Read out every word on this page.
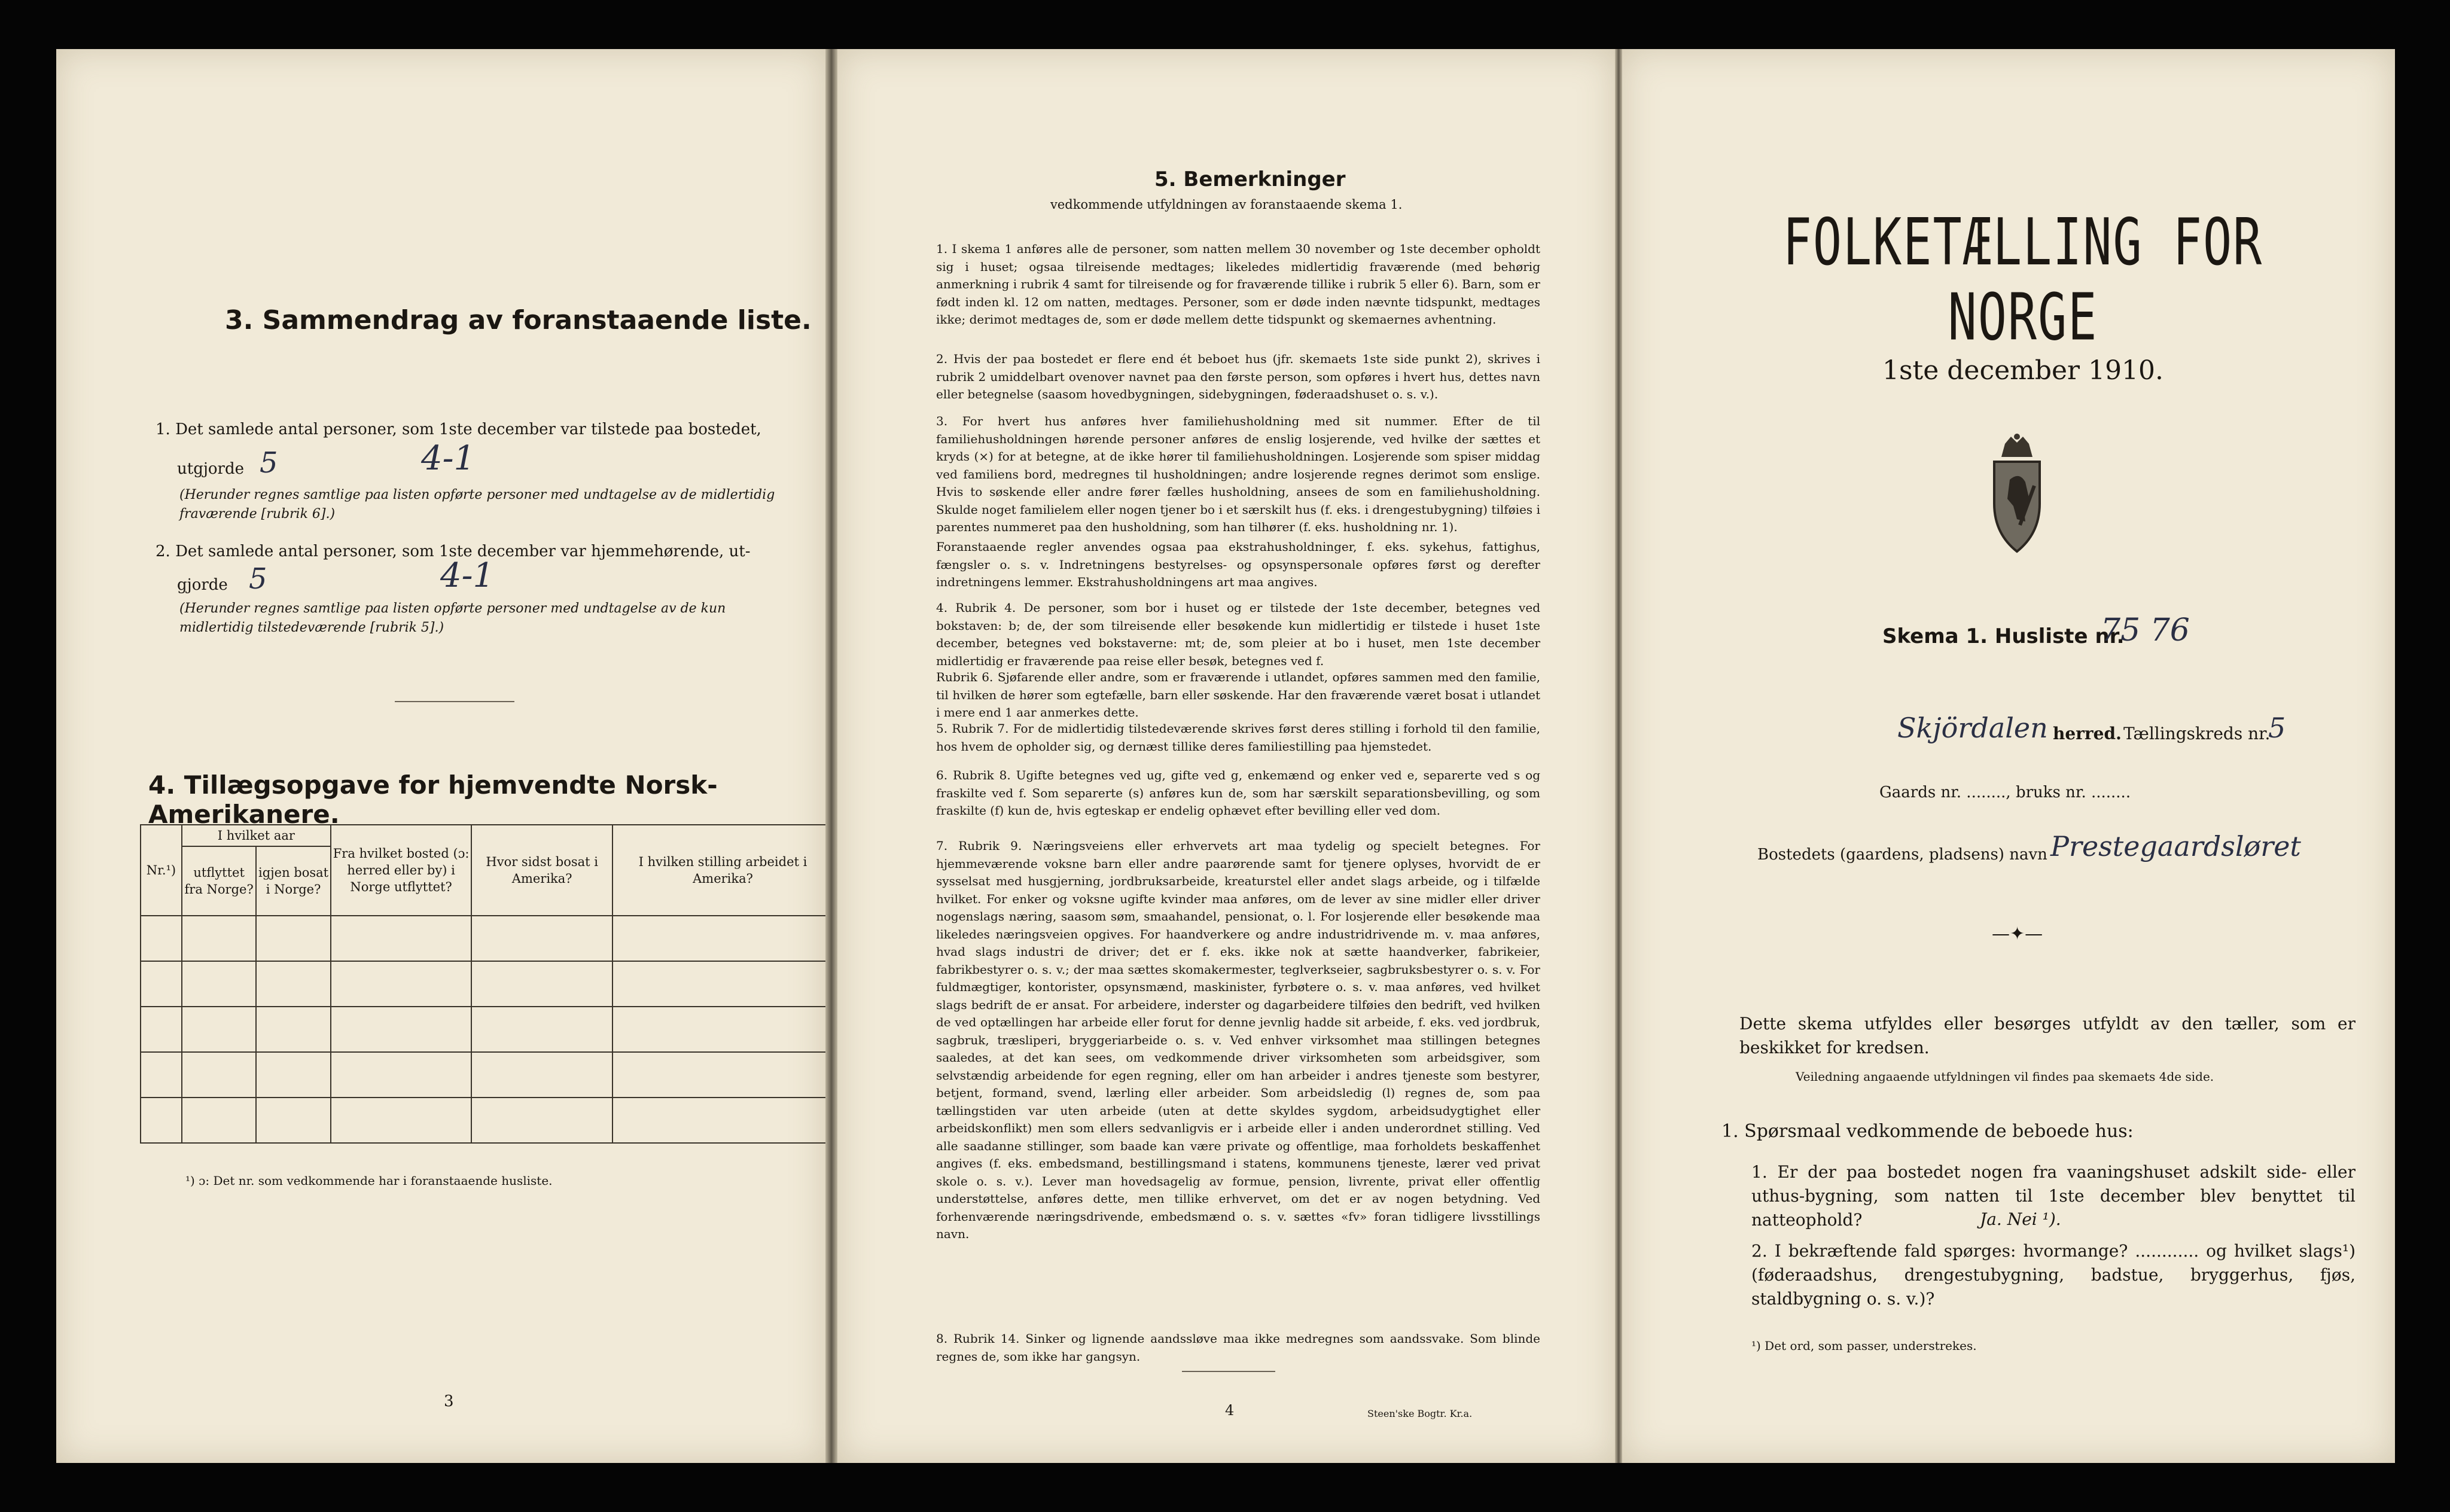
3. Sammendrag av foranstaaende liste.
1. Det samlede antal personer, som 1ste december var tilstede paa bostedet,
utgjorde 5	4-1
(Herunder regnes samtlige paa listen opførte personer med undtagelse av de midlertidig fraværende [rubrik 6].)
2. Det samlede antal personer, som 1ste december var hjemmehørende, ut-
gjorde 5	4-1
(Herunder regnes samtlige paa listen opførte personer med undtagelse av de kun midlertidig tilstedeværende [rubrik 5].)
4. Tillægsopgave for hjemvendte Norsk-Amerikanere.
Nr.¹)	I hvilket aar		Fra hvilket bosted (ɔ: herred eller by) i Norge utflyttet?	Hvor sidst bosat i Amerika?	I hvilken stilling arbeidet i Amerika?
	utflyttet fra Norge?	igjen bosat i Norge?			

¹) ɔ: Det nr. som vedkommende har i foranstaaende husliste.
3
5. Bemerkninger
vedkommende utfyldningen av foranstaaende skema 1.
1. I skema 1 anføres alle de personer, som natten mellem 30 november og 1ste december opholdt sig i huset; ogsaa tilreisende medtages; likeledes midlertidig fraværende (med behørig anmerkning i rubrik 4 samt for tilreisende og for fraværende tillike i rubrik 5 eller 6). Barn, som er født inden kl. 12 om natten, medtages. Personer, som er døde inden nævnte tidspunkt, medtages ikke; derimot medtages de, som er døde mellem dette tidspunkt og skemaernes avhentning.
2. Hvis der paa bostedet er flere end ét beboet hus (jfr. skemaets 1ste side punkt 2), skrives i rubrik 2 umiddelbart ovenover navnet paa den første person, som opføres i hvert hus, dettes navn eller betegnelse (saasom hovedbygningen, sidebygningen, føderaadshuset o. s. v.).
3. For hvert hus anføres hver familiehusholdning med sit nummer. Efter de til familiehusholdningen hørende personer anføres de enslig losjerende, ved hvilke der sættes et kryds (×) for at betegne, at de ikke hører til familiehusholdningen. Losjerende som spiser middag ved familiens bord, medregnes til husholdningen; andre losjerende regnes derimot som enslige. Hvis to søskende eller andre fører fælles husholdning, ansees de som en familiehusholdning. Skulde noget familielem eller nogen tjener bo i et særskilt hus (f. eks. i drengestubygning) tilføies i parentes nummeret paa den husholdning, som han tilhører (f. eks. husholdning nr. 1).
Foranstaaende regler anvendes ogsaa paa ekstrahusholdninger, f. eks. sykehus, fattighus, fængsler o. s. v. Indretningens bestyrelses- og opsynspersonale opføres først og derefter indretningens lemmer. Ekstrahusholdningens art maa angives.
4. Rubrik 4. De personer, som bor i huset og er tilstede der 1ste december, betegnes ved bokstaven: b; de, der som tilreisende eller besøkende kun midlertidig er tilstede i huset 1ste december, betegnes ved bokstaverne: mt; de, som pleier at bo i huset, men 1ste december midlertidig er fraværende paa reise eller besøk, betegnes ved f.
Rubrik 6. Sjøfarende eller andre, som er fraværende i utlandet, opføres sammen med den familie, til hvilken de hører som egtefælle, barn eller søskende. Har den fraværende været bosat i utlandet i mere end 1 aar anmerkes dette.
5. Rubrik 7. For de midlertidig tilstedeværende skrives først deres stilling i forhold til den familie, hos hvem de opholder sig, og dernæst tillike deres familiestilling paa hjemstedet.
6. Rubrik 8. Ugifte betegnes ved ug, gifte ved g, enkemænd og enker ved e, separerte ved s og fraskilte ved f. Som separerte (s) anføres kun de, som har særskilt separationsbevilling, og som fraskilte (f) kun de, hvis egteskap er endelig ophævet efter bevilling eller ved dom.
7. Rubrik 9. Næringsveiens eller erhvervets art maa tydelig og specielt betegnes. For hjemmeværende voksne barn eller andre paarørende samt for tjenere oplyses, hvorvidt de er sysselsat med husgjerning, jordbruksarbeide, kreaturstel eller andet slags arbeide, og i tilfælde hvilket. For enker og voksne ugifte kvinder maa anføres, om de lever av sine midler eller driver nogenslags næring, saasom søm, smaahandel, pensionat, o. l. For losjerende eller besøkende maa likeledes næringsveien opgives. For haandverkere og andre industridrivende m. v. maa anføres, hvad slags industri de driver; det er f. eks. ikke nok at sætte haandverker, fabrikeier, fabrikbestyrer o. s. v.; der maa sættes skomakermester, teglverkseier, sagbruksbestyrer o. s. v. For fuldmægtiger, kontorister, opsynsmænd, maskinister, fyrbøtere o. s. v. maa anføres, ved hvilket slags bedrift de er ansat. For arbeidere, inderster og dagarbeidere tilføies den bedrift, ved hvilken de ved optællingen har arbeide eller forut for denne jevnlig hadde sit arbeide, f. eks. ved jordbruk, sagbruk, træsliperi, bryggeriarbeide o. s. v. Ved enhver virksomhet maa stillingen betegnes saaledes, at det kan sees, om vedkommende driver virksomheten som arbeidsgiver, som selvstændig arbeidende for egen regning, eller om han arbeider i andres tjeneste som bestyrer, betjent, formand, svend, lærling eller arbeider. Som arbeidsledig (l) regnes de, som paa tællingstiden var uten arbeide (uten at dette skyldes sygdom, arbeidsudygtighet eller arbeidskonflikt) men som ellers sedvanligvis er i arbeide eller i anden underordnet stilling. Ved alle saadanne stillinger, som baade kan være private og offentlige, maa forholdets beskaffenhet angives (f. eks. embedsmand, bestillingsmand i statens, kommunens tjeneste, lærer ved privat skole o. s. v.). Lever man hovedsagelig av formue, pension, livrente, privat eller offentlig understøttelse, anføres dette, men tillike erhvervet, om det er av nogen betydning. Ved forhenværende næringsdrivende, embedsmænd o. s. v. sættes «fv» foran tidligere livsstillings navn.
8. Rubrik 14. Sinker og lignende aandssløve maa ikke medregnes som aandssvake. Som blinde regnes de, som ikke har gangsyn.
4	Steen'ske Bogtr. Kr.a.
FOLKETÆLLING FOR NORGE
1ste december 1910.
Skema 1. Husliste nr.
75 76
Skjördalen herred. Tællingskreds nr.
5
Gaards nr. ........, bruks nr. ........
Bostedets (gaardens, pladsens) navn Prestegaardsløret
—✦—
Dette skema utfyldes eller besørges utfyldt av den tæller, som er beskikket for kredsen.
Veiledning angaaende utfyldningen vil findes paa skemaets 4de side.
1. Spørsmaal vedkommende de beboede hus:
1. Er der paa bostedet nogen fra vaaningshuset adskilt side- eller uthus-bygning, som natten til 1ste december blev benyttet til natteophold?	Ja. Nei ¹).
2. I bekræftende fald spørges: hvormange? ............ og hvilket slags¹) (føderaadshus, drengestubygning, badstue, bryggerhus, fjøs, staldbygning o. s. v.)?
¹) Det ord, som passer, understrekes.
